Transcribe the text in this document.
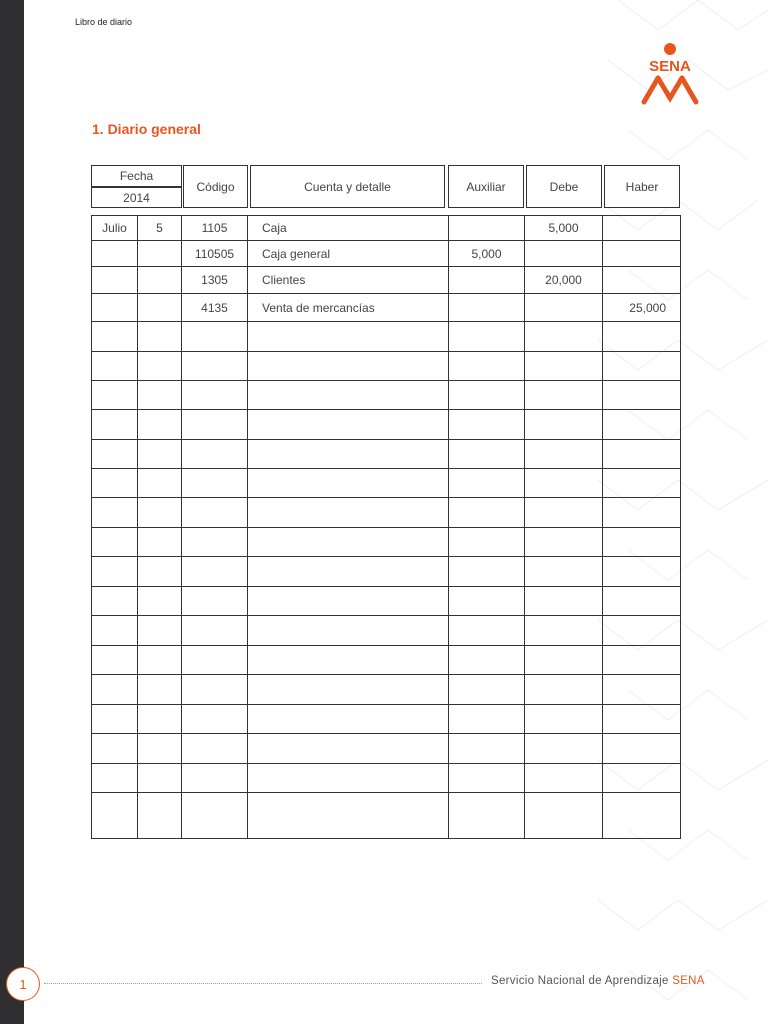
Libro de diario
SENA
1. Diario general
Fecha
2014
Código	Cuenta y detalle	Auxiliar	Debe	Haber
Julio	5	1105	Caja		5,000	
		110505	Caja general	5,000		
		1305	Clientes		20,000	
		4135	Venta de mercancías			25,000

1	Servicio Nacional de Aprendizaje SENA
